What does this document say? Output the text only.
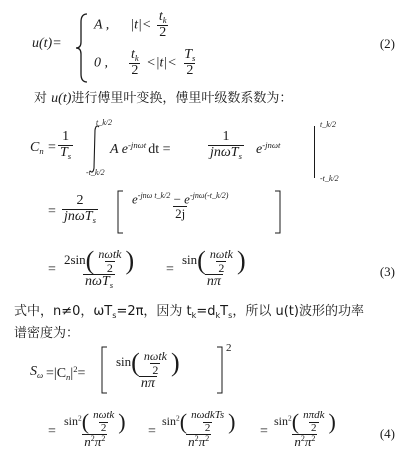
u(t)=
A , $|t|< \frac{t_k}{2}$
0 , $\frac{t_k}{2} <|t|< \frac{T_s}{2}$
(2)
对 u(t)进行傅里叶变换，傅里叶级数系数为：
$C_n = \frac{1}{T_s}$
t_k/2
-t_k/2
A $e^{-jn\omega t}$ dt =
1
jnωT$_s$ $e^{-jn\omega t}$
t_k/2
-t_k/2
=
2
jnωT$_s$
$e^{-jn\omega t\_k/2} - e^{-jn\omega(-t\_k/2)}$
2j
=
$2\sin( \frac{\text{nωtk}}{2}$ )
nωT$_s$
=
$\sin( \frac{\text{nωtk}}{2}$ )
nπ
(3)
式中，n≠0，$\omega T_s=2\pi$，因为 $t_k=d_kT_s$，所以 u(t)波形的功率
谱密度为：
$S_\omega =|C_n|^2=$
$\sin( \frac{\text{nωtk}}{2}$ )
nπ
2
=
$\sin^2( \frac{\text{nωtk}}{2}$ )
$n^2\pi^2$	=
$\sin^2( \frac{\text{nωdkTs}}{2}$ )
$n^2\pi^2$	=
$\sin^2( \frac{\text{nπdk}}{2}$ )
$n^2\pi^2$	(4)
